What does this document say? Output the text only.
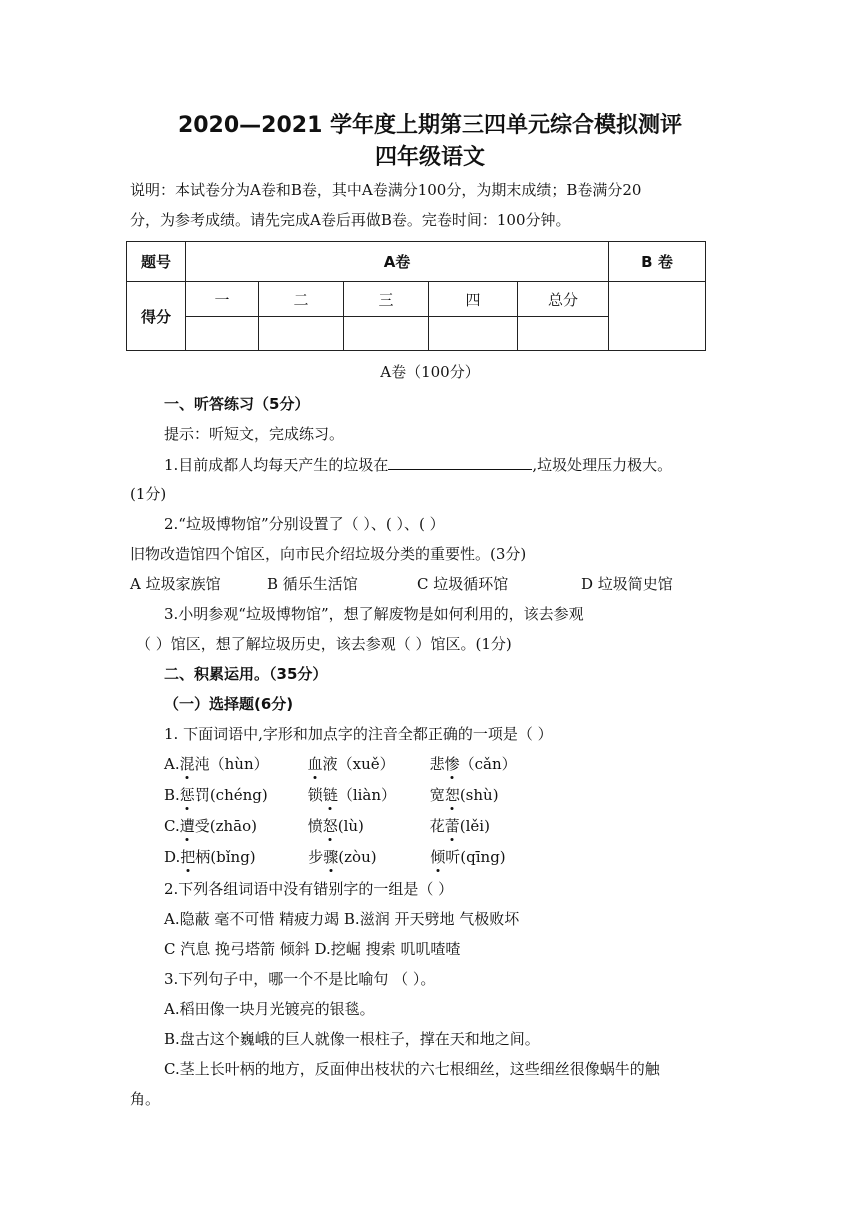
2020—2021 学年度上期第三四单元综合模拟测评
四年级语文
说明：本试卷分为A卷和B卷，其中A卷满分100分，为期末成绩；B卷满分20
分，为参考成绩。请先完成A卷后再做B卷。完卷时间：100分钟。
题号	A卷					B 卷
得分	一	二	三	四	总分	

A卷（100分）
一、听答练习（5分）
提示：听短文，完成练习。
1.目前成都人均每天产生的垃圾在	,垃圾处理压力极大。
(1分)
2.“垃圾博物馆”分别设置了（ ）、( ）、( ）
旧物改造馆四个馆区，向市民介绍垃圾分类的重要性。(3分)
A 垃圾家族馆	B 循乐生活馆	C 垃圾循环馆	D 垃圾简史馆
3.小明参观“垃圾博物馆”，想了解废物是如何利用的，该去参观
（ ）馆区，想了解垃圾历史，该去参观（ ）馆区。(1分)
二、积累运用。（35分）
（一）选择题(6分)
1. 下面词语中,字形和加点字的注音全都正确的一项是（ ）
A.混沌（hùn）	血液（xuě） 悲惨（cǎn）
B.惩罚(chéng)	锁链（liàn） 宽恕(shù)
C.遭受(zhāo)	愤怒(lù)	花蕾(lěi)
D.把柄(bǐng)	步骤(zòu)	倾听(qīng)
2.下列各组词语中没有错别字的一组是（ ）
A.隐蔽 毫不可惜 精疲力竭 B.滋润 开天劈地 气极败坏
C 汽息 挽弓塔箭 倾斜 D.挖崛 搜索 叽叽喳喳
3.下列句子中，哪一个不是比喻句 （ ）。
A.稻田像一块月光镀亮的银毯。
B.盘古这个巍峨的巨人就像一根柱子，撑在天和地之间。
C.茎上长叶柄的地方，反面伸出枝状的六七根细丝，这些细丝很像蜗牛的触
角。
